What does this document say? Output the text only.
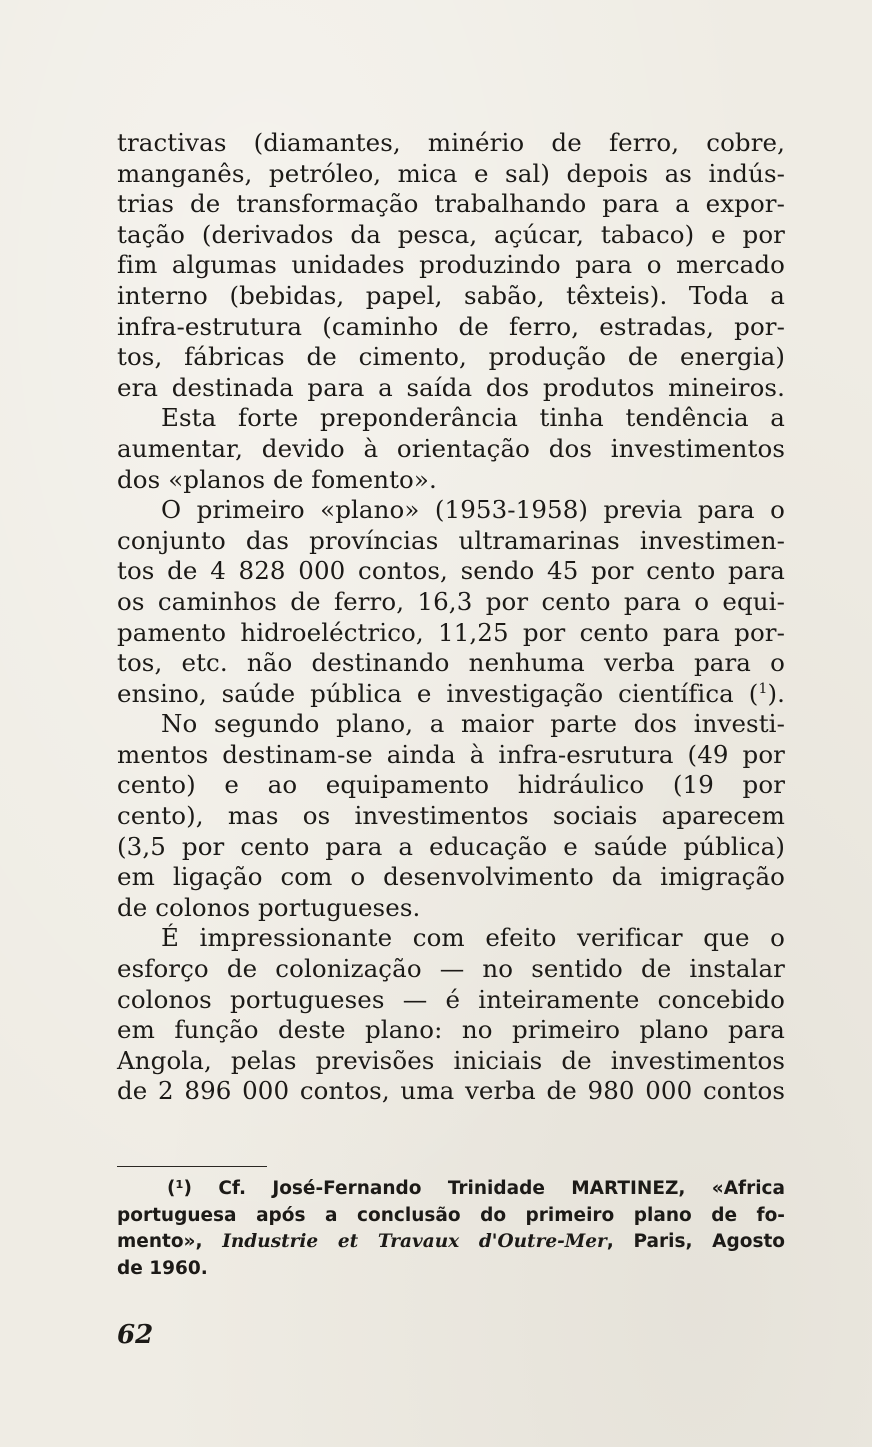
tractivas (diamantes, minério de ferro, cobre,
manganês, petróleo, mica e sal) depois as indús-
trias de transformação trabalhando para a expor-
tação (derivados da pesca, açúcar, tabaco) e por
fim algumas unidades produzindo para o mercado
interno (bebidas, papel, sabão, têxteis). Toda a
infra-estrutura (caminho de ferro, estradas, por-
tos, fábricas de cimento, produção de energia)
era destinada para a saída dos produtos mineiros.
Esta forte preponderância tinha tendência a
aumentar, devido à orientação dos investimentos
dos «planos de fomento».
O primeiro «plano» (1953-1958) previa para o
conjunto das províncias ultramarinas investimen-
tos de 4 828 000 contos, sendo 45 por cento para
os caminhos de ferro, 16,3 por cento para o equi-
pamento hidroeléctrico, 11,25 por cento para por-
tos, etc. não destinando nenhuma verba para o
ensino, saúde pública e investigação científica ($^1$).
No segundo plano, a maior parte dos investi-
mentos destinam-se ainda à infra-esrutura (49 por
cento) e ao equipamento hidráulico (19 por
cento), mas os investimentos sociais aparecem
(3,5 por cento para a educação e saúde pública)
em ligação com o desenvolvimento da imigração
de colonos portugueses.
É impressionante com efeito verificar que o
esforço de colonização — no sentido de instalar
colonos portugueses — é inteiramente concebido
em função deste plano: no primeiro plano para
Angola, pelas previsões iniciais de investimentos
de 2 896 000 contos, uma verba de 980 000 contos
(¹) Cf. José-Fernando Trinidade MARTINEZ, «Africa
portuguesa após a conclusão do primeiro plano de fo-
mento», Industrie et Travaux d'Outre-Mer, Paris, Agosto
de 1960.
62
